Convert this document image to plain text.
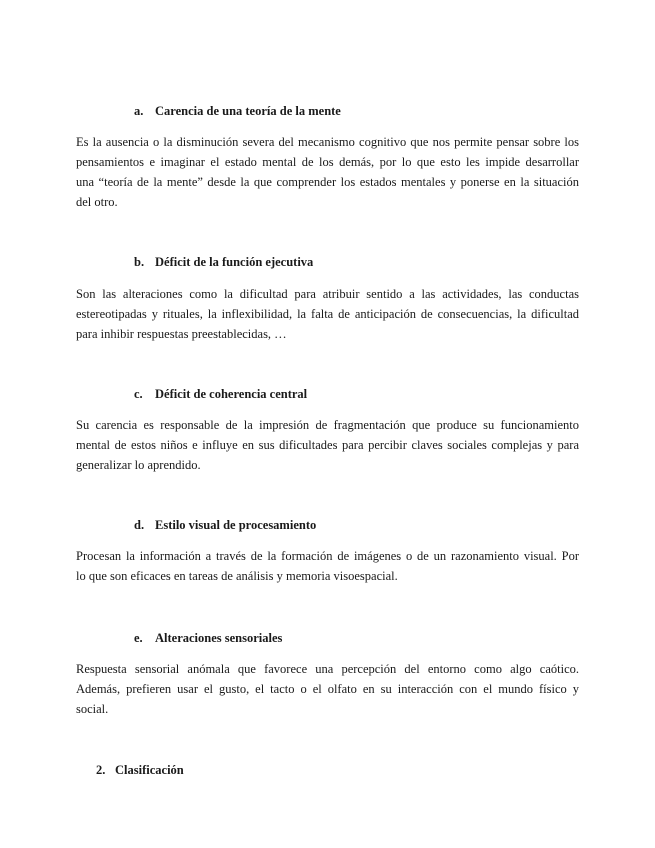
a. Carencia de una teoría de la mente
Es la ausencia o la disminución severa del mecanismo cognitivo que nos permite pensar sobre los
pensamientos e imaginar el estado mental de los demás, por lo que esto les impide desarrollar
una “teoría de la mente” desde la que comprender los estados mentales y ponerse en la situación
del otro.
b. Déficit de la función ejecutiva
Son las alteraciones como la dificultad para atribuir sentido a las actividades, las conductas
estereotipadas y rituales, la inflexibilidad, la falta de anticipación de consecuencias, la dificultad
para inhibir respuestas preestablecidas, …
c. Déficit de coherencia central
Su carencia es responsable de la impresión de fragmentación que produce su funcionamiento
mental de estos niños e influye en sus dificultades para percibir claves sociales complejas y para
generalizar lo aprendido.
d. Estilo visual de procesamiento
Procesan la información a través de la formación de imágenes o de un razonamiento visual. Por
lo que son eficaces en tareas de análisis y memoria visoespacial.
e. Alteraciones sensoriales
Respuesta sensorial anómala que favorece una percepción del entorno como algo caótico.
Además, prefieren usar el gusto, el tacto o el olfato en su interacción con el mundo físico y
social.
2. Clasificación
